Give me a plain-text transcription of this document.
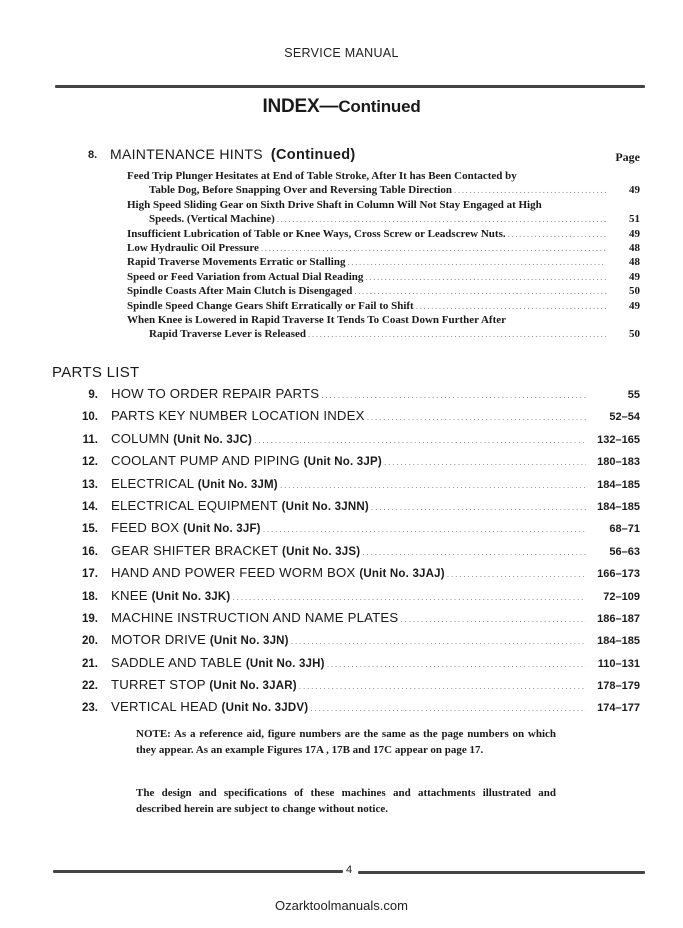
SERVICE MANUAL
INDEX—Continued
8. MAINTENANCE HINTS (Continued)	Page
Feed Trip Plunger Hesitates at End of Table Stroke, After It has Been Contacted by
Table Dog, Before Snapping Over and Reversing Table Direction .....	49
High Speed Sliding Gear on Sixth Drive Shaft in Column Will Not Stay Engaged at High
Speeds. (Vertical Machine) .....	51
Insufficient Lubrication of Table or Knee Ways, Cross Screw or Leadscrew Nuts. .....	49
Low Hydraulic Oil Pressure .....	48
Rapid Traverse Movements Erratic or Stalling .....	48
Speed or Feed Variation from Actual Dial Reading .....	49
Spindle Coasts After Main Clutch is Disengaged .....	50
Spindle Speed Change Gears Shift Erratically or Fail to Shift .....	49
When Knee is Lowered in Rapid Traverse It Tends To Coast Down Further After
Rapid Traverse Lever is Released .....	50
PARTS LIST
9. HOW TO ORDER REPAIR PARTS .....	55
10. PARTS KEY NUMBER LOCATION INDEX .....	52–54
11. COLUMN (Unit No. 3JC) .....	132–165
12. COOLANT PUMP AND PIPING (Unit No. 3JP) .....	180–183
13. ELECTRICAL (Unit No. 3JM) .....	184–185
14. ELECTRICAL EQUIPMENT (Unit No. 3JNN) .....	184–185
15. FEED BOX (Unit No. 3JF) .....	68–71
16. GEAR SHIFTER BRACKET (Unit No. 3JS) .....	56–63
17. HAND AND POWER FEED WORM BOX (Unit No. 3JAJ) .....	166–173
18. KNEE (Unit No. 3JK) .....	72–109
19. MACHINE INSTRUCTION AND NAME PLATES .....	186–187
20. MOTOR DRIVE (Unit No. 3JN) .....	184–185
21. SADDLE AND TABLE (Unit No. 3JH) .....	110–131
22. TURRET STOP (Unit No. 3JAR) .....	178–179
23. VERTICAL HEAD (Unit No. 3JDV) .....	174–177
NOTE: As a reference aid, figure numbers are the same as the page numbers on which they appear. As an example Figures 17A , 17B and 17C appear on page 17.
The design and specifications of these machines and attachments illustrated and described herein are subject to change without notice.
4
Ozarktoolmanuals.com
